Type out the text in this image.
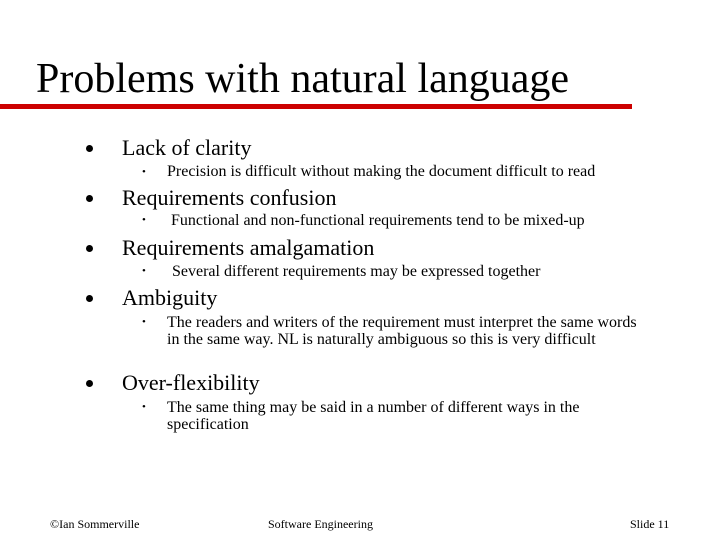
Problems with natural language
Lack of clarity
• Precision is difficult without making the document difficult to read
Requirements confusion
• Functional and non-functional requirements tend to be mixed-up
Requirements amalgamation
• Several different requirements may be expressed together
Ambiguity
• The readers and writers of the requirement must interpret the same words in the same way. NL is naturally ambiguous so this is very difficult
Over-flexibility
• The same thing may be said in a number of different ways in the specification
©Ian Sommerville	Software Engineering	Slide 11
